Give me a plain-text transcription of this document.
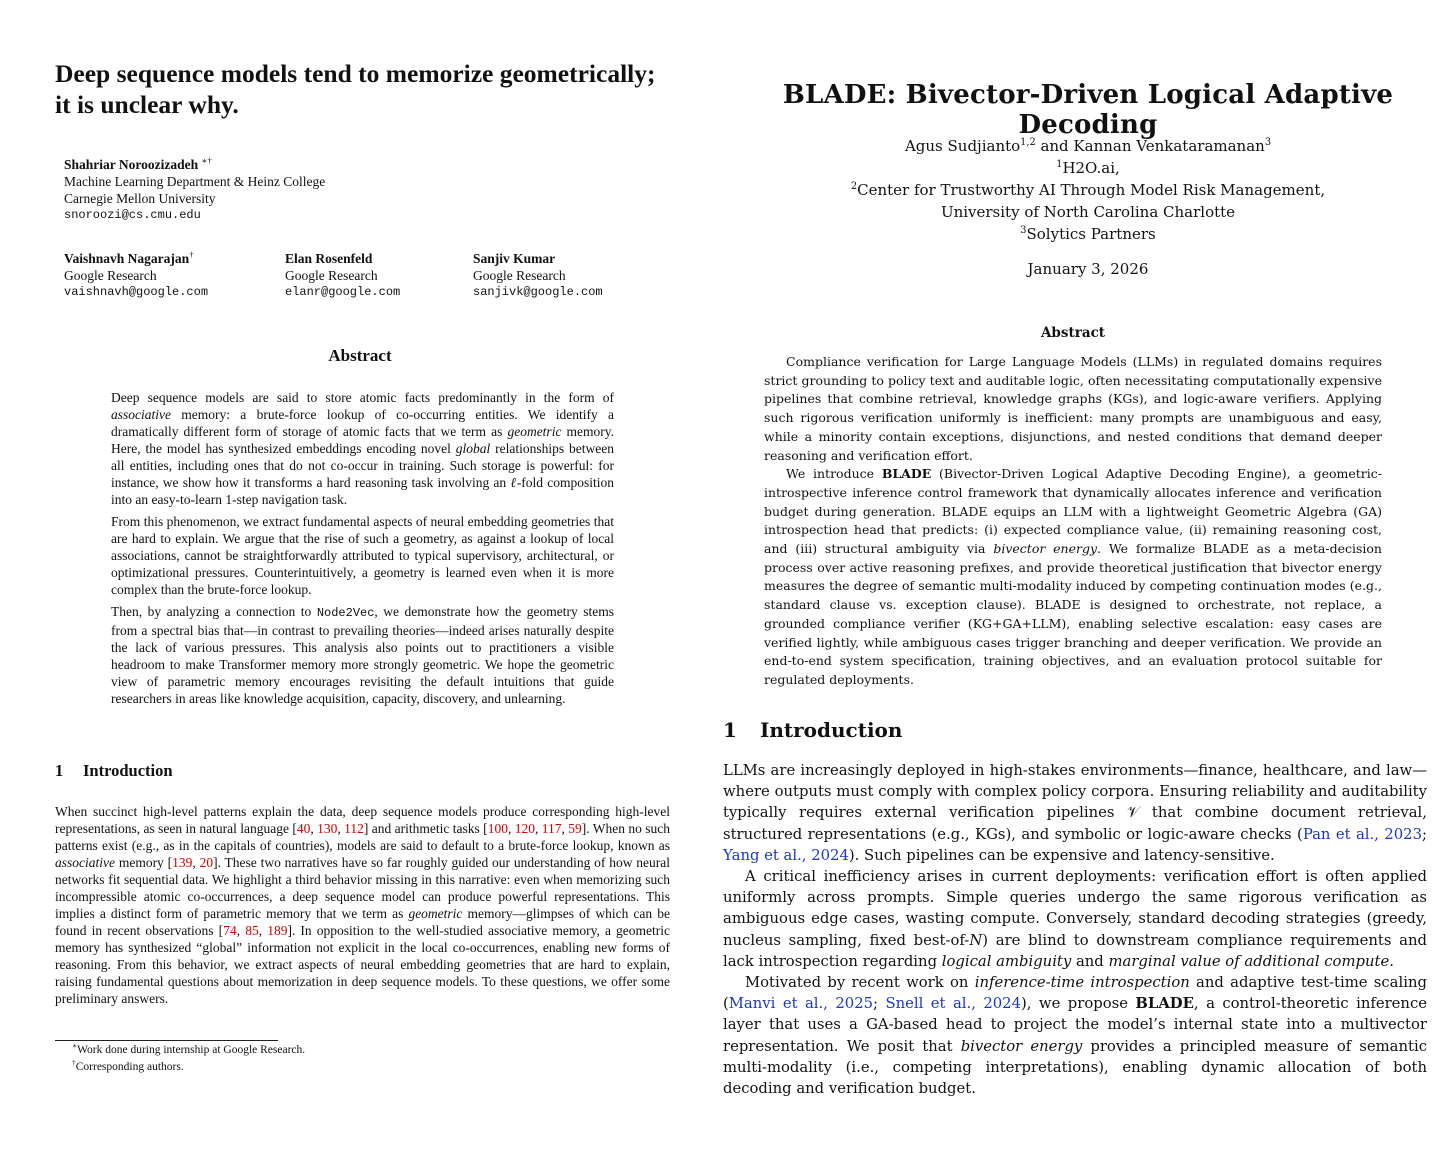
Deep sequence models tend to memorize geometrically;
it is unclear why.
Shahriar Noroozizadeh ∗†
Machine Learning Department & Heinz College
Carnegie Mellon University
snoroozi@cs.cmu.edu
Vaishnavh Nagarajan†
Google Research
vaishnavh@google.com
Elan Rosenfeld
Google Research
elanr@google.com
Sanjiv Kumar
Google Research
sanjivk@google.com
Abstract

Deep sequence models are said to store atomic facts predominantly in the form of associative memory: a brute-force lookup of co-occurring entities. We identify a dramatically different form of storage of atomic facts that we term as geometric memory. Here, the model has synthesized embeddings encoding novel global relationships between all entities, including ones that do not co-occur in training. Such storage is powerful: for instance, we show how it transforms a hard reasoning task involving an ℓ-fold composition into an easy-to-learn 1-step navigation task.

From this phenomenon, we extract fundamental aspects of neural embedding geometries that are hard to explain. We argue that the rise of such a geometry, as against a lookup of local associations, cannot be straightforwardly attributed to typical supervisory, architectural, or optimizational pressures. Counterintuitively, a geometry is learned even when it is more complex than the brute-force lookup.

Then, by analyzing a connection to Node2Vec, we demonstrate how the geometry stems from a spectral bias that—in contrast to prevailing theories—indeed arises naturally despite the lack of various pressures. This analysis also points out to practitioners a visible headroom to make Transformer memory more strongly geometric. We hope the geometric view of parametric memory encourages revisiting the default intuitions that guide researchers in areas like knowledge acquisition, capacity, discovery, and unlearning.

1 Introduction

When succinct high-level patterns explain the data, deep sequence models produce corresponding high-level representations, as seen in natural language [40, 130, 112] and arithmetic tasks [100, 120, 117, 59]. When no such patterns exist (e.g., as in the capitals of countries), models are said to default to a brute-force lookup, known as associative memory [139, 20]. These two narratives have so far roughly guided our understanding of how neural networks fit sequential data. We highlight a third behavior missing in this narrative: even when memorizing such incompressible atomic co-occurrences, a deep sequence model can produce powerful representations. This implies a distinct form of parametric memory that we term as geometric memory—glimpses of which can be found in recent observations [74, 85, 189]. In opposition to the well-studied associative memory, a geometric memory has synthesized “global” information not explicit in the local co-occurrences, enabling new forms of reasoning. From this behavior, we extract aspects of neural embedding geometries that are hard to explain, raising fundamental questions about memorization in deep sequence models. To these questions, we offer some preliminary answers.

∗Work done during internship at Google Research.
†Corresponding authors.
BLADE: Bivector-Driven Logical Adaptive Decoding
Agus Sudjianto$^{1,2}$ and Kannan Venkataramanan$^3$
$^1$H2O.ai,
$^2$Center for Trustworthy AI Through Model Risk Management,
University of North Carolina Charlotte
$^3$Solytics Partners
January 3, 2026
Abstract

Compliance verification for Large Language Models (LLMs) in regulated domains requires strict grounding to policy text and auditable logic, often necessitating computationally expensive pipelines that combine retrieval, knowledge graphs (KGs), and logic-aware verifiers. Applying such rigorous verification uniformly is inefficient: many prompts are unambiguous and easy, while a minority contain exceptions, disjunctions, and nested conditions that demand deeper reasoning and verification effort.

We introduce BLADE (Bivector-Driven Logical Adaptive Decoding Engine), a geometric-introspective inference control framework that dynamically allocates inference and verification budget during generation. BLADE equips an LLM with a lightweight Geometric Algebra (GA) introspection head that predicts: (i) expected compliance value, (ii) remaining reasoning cost, and (iii) structural ambiguity via bivector energy. We formalize BLADE as a meta-decision process over active reasoning prefixes, and provide theoretical justification that bivector energy measures the degree of semantic multi-modality induced by competing continuation modes (e.g., standard clause vs. exception clause). BLADE is designed to orchestrate, not replace, a grounded compliance verifier (KG+GA+LLM), enabling selective escalation: easy cases are verified lightly, while ambiguous cases trigger branching and deeper verification. We provide an end-to-end system specification, training objectives, and an evaluation protocol suitable for regulated deployments.

1 Introduction

LLMs are increasingly deployed in high-stakes environments—finance, healthcare, and law—where outputs must comply with complex policy corpora. Ensuring reliability and auditability typically requires external verification pipelines 𝒱 that combine document retrieval, structured representations (e.g., KGs), and symbolic or logic-aware checks (Pan et al., 2023; Yang et al., 2024). Such pipelines can be expensive and latency-sensitive.

A critical inefficiency arises in current deployments: verification effort is often applied uniformly across prompts. Simple queries undergo the same rigorous verification as ambiguous edge cases, wasting compute. Conversely, standard decoding strategies (greedy, nucleus sampling, fixed best-of-N) are blind to downstream compliance requirements and lack introspection regarding logical ambiguity and marginal value of additional compute.

Motivated by recent work on inference-time introspection and adaptive test-time scaling (Manvi et al., 2025; Snell et al., 2024), we propose BLADE, a control-theoretic inference layer that uses a GA-based head to project the model’s internal state into a multivector representation. We posit that bivector energy provides a principled measure of semantic multi-modality (i.e., competing interpretations), enabling dynamic allocation of both decoding and verification budget.
